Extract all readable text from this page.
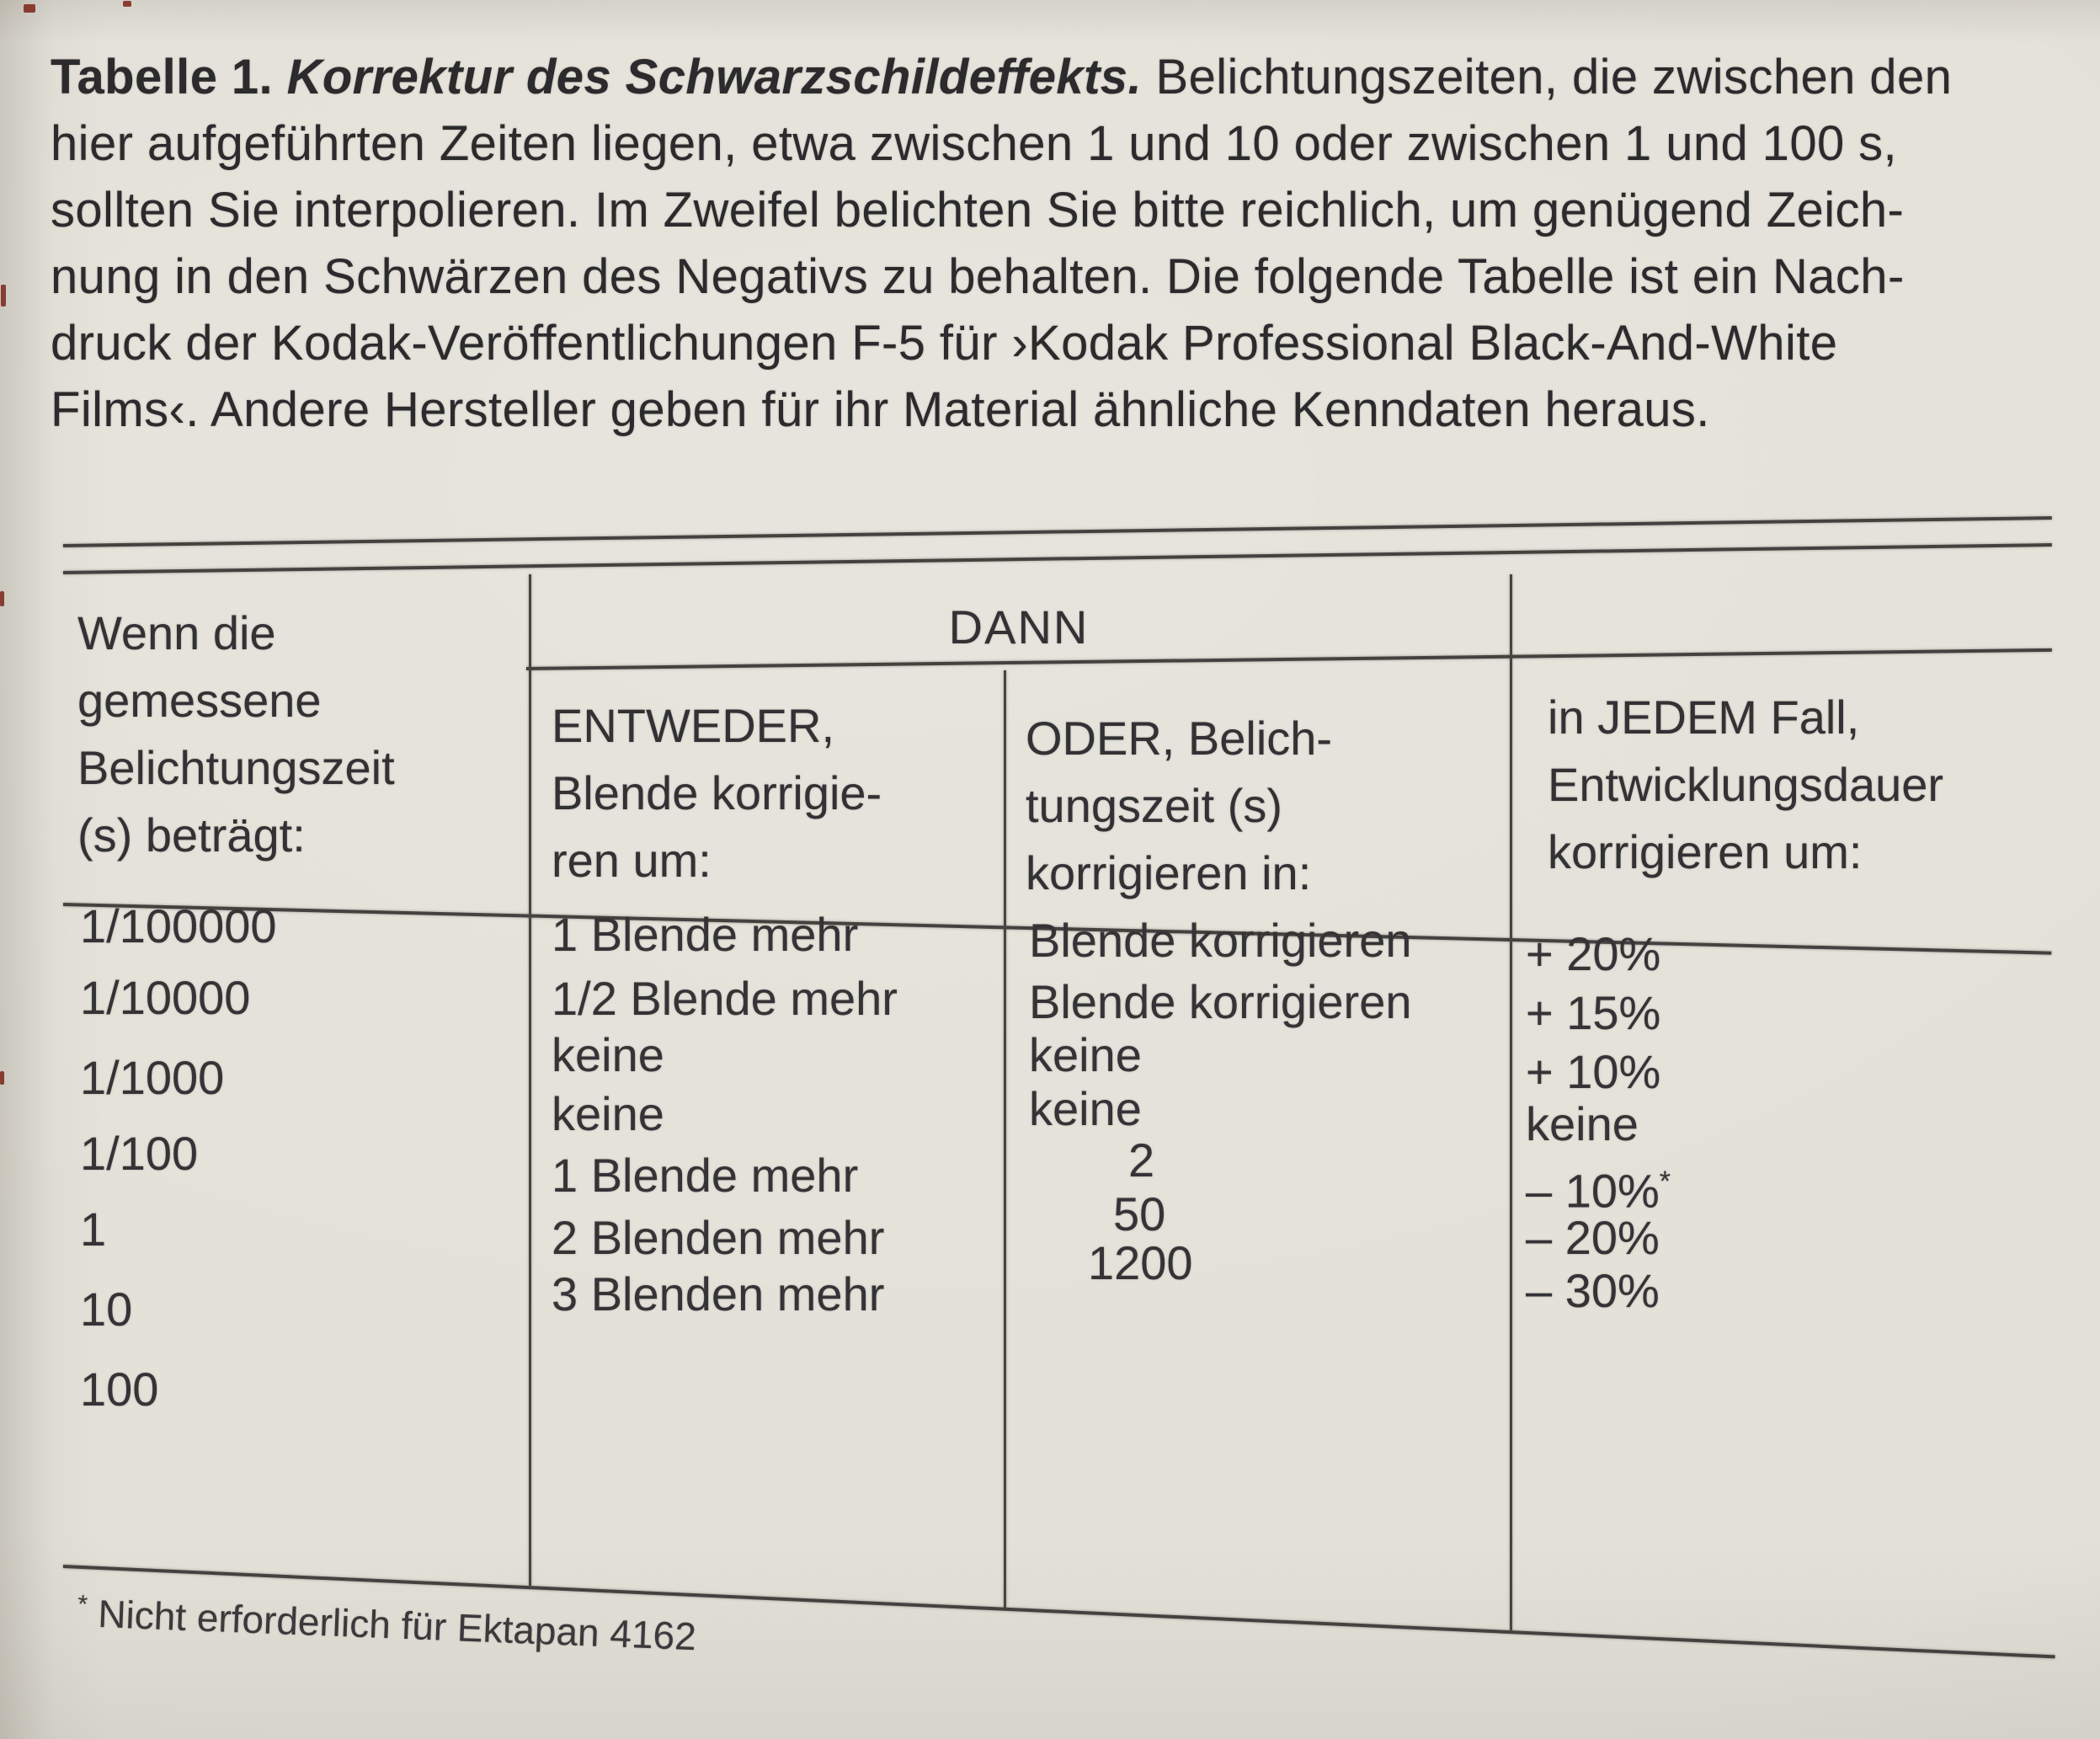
Tabelle 1. Korrektur des Schwarzschildeffekts. Belichtungszeiten, die zwischen den
hier aufgeführten Zeiten liegen, etwa zwischen 1 und 10 oder zwischen 1 und 100 s,
sollten Sie interpolieren. Im Zweifel belichten Sie bitte reichlich, um genügend Zeich-
nung in den Schwärzen des Negativs zu behalten. Die folgende Tabelle ist ein Nach-
druck der Kodak-Veröffentlichungen F-5 für ›Kodak Professional Black-And-White
Films‹. Andere Hersteller geben für ihr Material ähnliche Kenndaten heraus.
Wenn die
gemessene
Belichtungszeit
(s) beträgt:
DANN
ENTWEDER,
Blende korrigie-
ren um:
ODER, Belich-
tungszeit (s)
korrigieren in:
in JEDEM Fall,
Entwicklungsdauer
korrigieren um:
1/100000
1/10000
1/1000
1/100
1
10
100
1 Blende mehr
1/2 Blende mehr
keine
keine
1 Blende mehr
2 Blenden mehr
3 Blenden mehr
Blende korrigieren
Blende korrigieren
keine
keine
2
50
1200
+ 20%
+ 15%
+ 10%
keine
– 10%*
– 20%
– 30%
* Nicht erforderlich für Ektapan 4162
